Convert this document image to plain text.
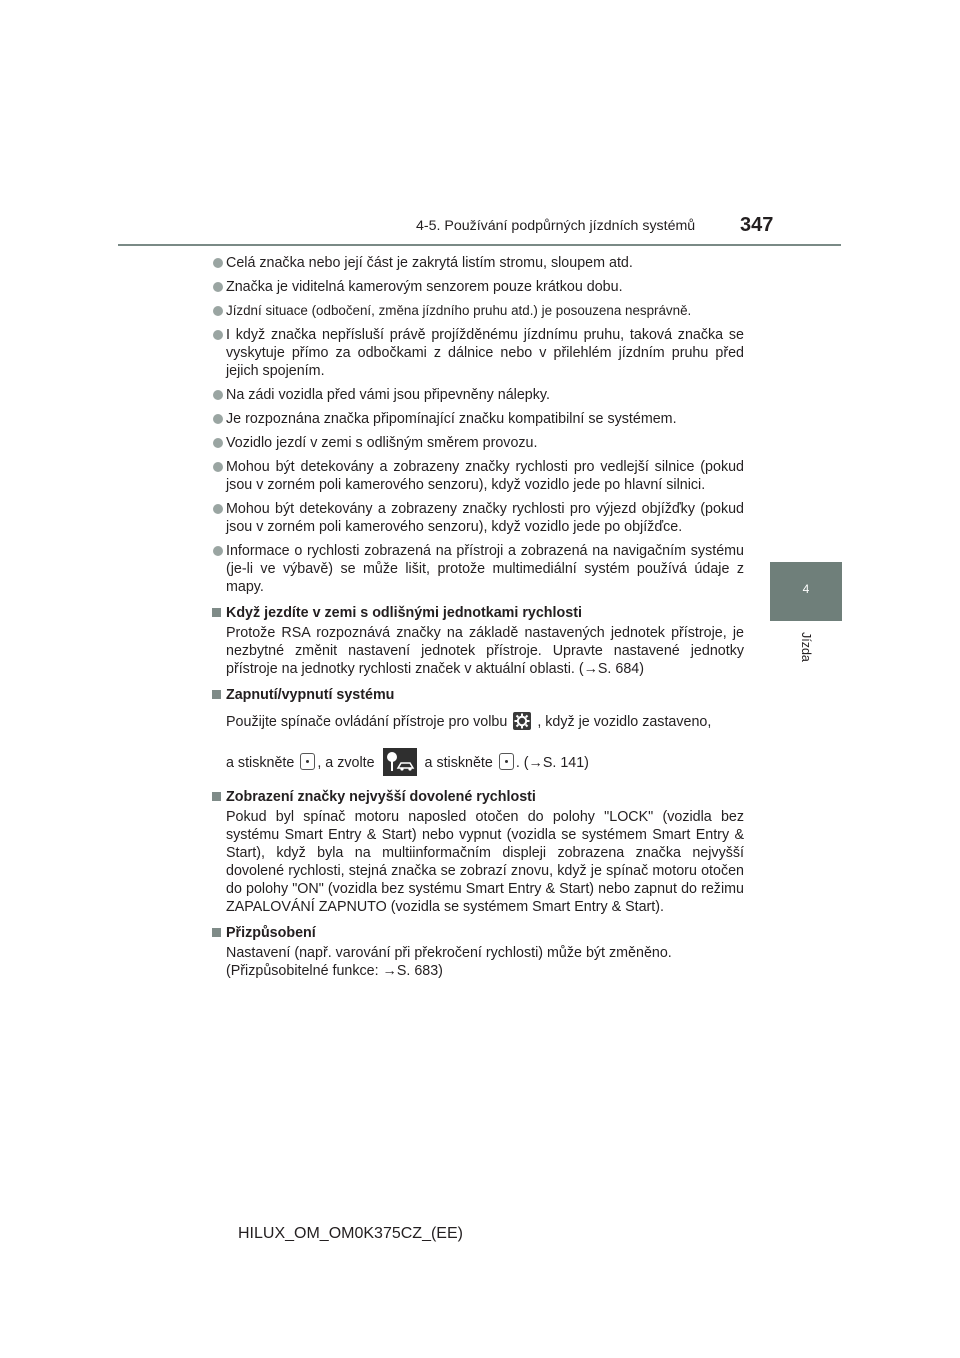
4-5. Používání podpůrných jízdních systémů 347
4
Jízda

Celá značka nebo její část je zakrytá listím stromu, sloupem atd.

Značka je viditelná kamerovým senzorem pouze krátkou dobu.

Jízdní situace (odbočení, změna jízdního pruhu atd.) je posouzena nesprávně.

I když značka nepřísluší právě projížděnému jízdnímu pruhu, taková značka se vyskytuje přímo za odbočkami z dálnice nebo v přilehlém jízdním pruhu před jejich spojením.

Na zádi vozidla před vámi jsou připevněny nálepky.

Je rozpoznána značka připomínající značku kompatibilní se systémem.

Vozidlo jezdí v zemi s odlišným směrem provozu.

Mohou být detekovány a zobrazeny značky rychlosti pro vedlejší silnice (pokud jsou v zorném poli kamerového senzoru), když vozidlo jede po hlavní silnici.

Mohou být detekovány a zobrazeny značky rychlosti pro výjezd objížďky (pokud jsou v zorném poli kamerového senzoru), když vozidlo jede po objížďce.

Informace o rychlosti zobrazená na přístroji a zobrazená na navigačním systému (je-li ve výbavě) se může lišit, protože multimediální systém používá údaje z mapy.

Když jezdíte v zemi s odlišnými jednotkami rychlosti

Protože RSA rozpoznává značky na základě nastavených jednotek přístroje, je nezbytné změnit nastavení jednotek přístroje. Upravte nastavené jednotky přístroje na jednotky rychlosti značek v aktuální oblasti. (→S. 684)

Zapnutí/vypnutí systému
Použijte spínače ovládání přístroje pro volbu , když je vozidlo zastaveno,
a stiskněte , a zvolte	a stiskněte . (→S. 141)
Zobrazení značky nejvyšší dovolené rychlosti

Pokud byl spínač motoru naposled otočen do polohy "LOCK" (vozidla bez systému Smart Entry & Start) nebo vypnut (vozidla se systémem Smart Entry & Start), když byla na multiinformačním displeji zobrazena značka nejvyšší dovolené rychlosti, stejná značka se zobrazí znovu, když je spínač motoru otočen do polohy "ON" (vozidla bez systému Smart Entry & Start) nebo zapnut do režimu ZAPALOVÁNÍ ZAPNUTO (vozidla se systémem Smart Entry & Start).

Přizpůsobení

Nastavení (např. varování při překročení rychlosti) může být změněno.

(Přizpůsobitelné funkce: →S. 683)

HILUX_OM_OM0K375CZ_(EE)
